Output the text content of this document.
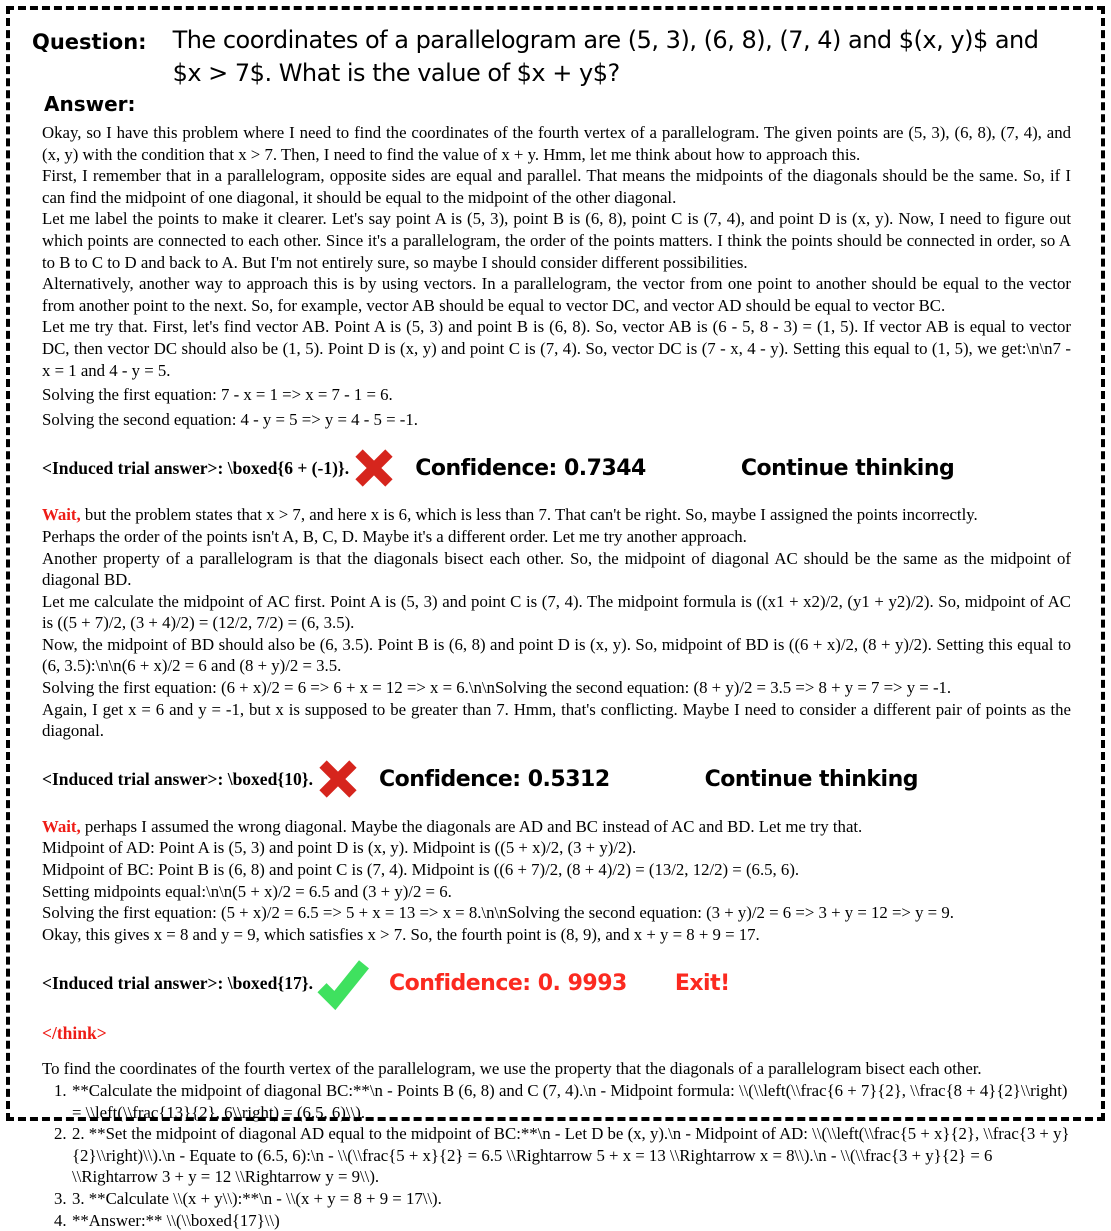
Question: The coordinates of a parallelogram are (5, 3), (6, 8), (7, 4) and $(x, y)$ and $x > 7$. What is the value of $x + y$?
Answer:
Okay, so I have this problem where I need to find the coordinates of the fourth vertex of a parallelogram. The given points are (5, 3), (6, 8), (7, 4), and (x, y) with the condition that x > 7. Then, I need to find the value of x + y. Hmm, let me think about how to approach this.
First, I remember that in a parallelogram, opposite sides are equal and parallel. That means the midpoints of the diagonals should be the same. So, if I can find the midpoint of one diagonal, it should be equal to the midpoint of the other diagonal.
Let me label the points to make it clearer. Let's say point A is (5, 3), point B is (6, 8), point C is (7, 4), and point D is (x, y). Now, I need to figure out which points are connected to each other. Since it's a parallelogram, the order of the points matters. I think the points should be connected in order, so A to B to C to D and back to A. But I'm not entirely sure, so maybe I should consider different possibilities.
Alternatively, another way to approach this is by using vectors. In a parallelogram, the vector from one point to another should be equal to the vector from another point to the next. So, for example, vector AB should be equal to vector DC, and vector AD should be equal to vector BC.
Let me try that. First, let's find vector AB. Point A is (5, 3) and point B is (6, 8). So, vector AB is (6 - 5, 8 - 3) = (1, 5). If vector AB is equal to vector DC, then vector DC should also be (1, 5). Point D is (x, y) and point C is (7, 4). So, vector DC is (7 - x, 4 - y). Setting this equal to (1, 5), we get:\n\n7 - x = 1 and 4 - y = 5.
Solving the first equation: 7 - x = 1 => x = 7 - 1 = 6.
Solving the second equation: 4 - y = 5 => y = 4 - 5 = -1.
<Induced trial answer>: \boxed{6 + (-1)}.	Confidence: 0.7344	Continue thinking
Wait, but the problem states that x > 7, and here x is 6, which is less than 7. That can't be right. So, maybe I assigned the points incorrectly.
Perhaps the order of the points isn't A, B, C, D. Maybe it's a different order. Let me try another approach.
Another property of a parallelogram is that the diagonals bisect each other. So, the midpoint of diagonal AC should be the same as the midpoint of diagonal BD.
Let me calculate the midpoint of AC first. Point A is (5, 3) and point C is (7, 4). The midpoint formula is ((x1 + x2)/2, (y1 + y2)/2). So, midpoint of AC is ((5 + 7)/2, (3 + 4)/2) = (12/2, 7/2) = (6, 3.5).
Now, the midpoint of BD should also be (6, 3.5). Point B is (6, 8) and point D is (x, y). So, midpoint of BD is ((6 + x)/2, (8 + y)/2). Setting this equal to (6, 3.5):\n\n(6 + x)/2 = 6 and (8 + y)/2 = 3.5.
Solving the first equation: (6 + x)/2 = 6 => 6 + x = 12 => x = 6.\n\nSolving the second equation: (8 + y)/2 = 3.5 => 8 + y = 7 => y = -1.
Again, I get x = 6 and y = -1, but x is supposed to be greater than 7. Hmm, that's conflicting. Maybe I need to consider a different pair of points as the diagonal.
<Induced trial answer>: \boxed{10}.	Confidence: 0.5312	Continue thinking
Wait, perhaps I assumed the wrong diagonal. Maybe the diagonals are AD and BC instead of AC and BD. Let me try that.
Midpoint of AD: Point A is (5, 3) and point D is (x, y). Midpoint is ((5 + x)/2, (3 + y)/2).
Midpoint of BC: Point B is (6, 8) and point C is (7, 4). Midpoint is ((6 + 7)/2, (8 + 4)/2) = (13/2, 12/2) = (6.5, 6).
Setting midpoints equal:\n\n(5 + x)/2 = 6.5 and (3 + y)/2 = 6.
Solving the first equation: (5 + x)/2 = 6.5 => 5 + x = 13 => x = 8.\n\nSolving the second equation: (3 + y)/2 = 6 => 3 + y = 12 => y = 9.
Okay, this gives x = 8 and y = 9, which satisfies x > 7. So, the fourth point is (8, 9), and x + y = 8 + 9 = 17.
<Induced trial answer>: \boxed{17}.	Confidence: 0. 9993 Exit!
</think>
To find the coordinates of the fourth vertex of the parallelogram, we use the property that the diagonals of a parallelogram bisect each other.
1. **Calculate the midpoint of diagonal BC:**\n - Points B (6, 8) and C (7, 4).\n - Midpoint formula: \\(\\left(\\frac{6 + 7}{2}, \\frac{8 + 4}{2}\\right) = \\left(\\frac{13}{2}, 6\\right) = (6.5, 6)\\).
2. 2. **Set the midpoint of diagonal AD equal to the midpoint of BC:**\n - Let D be (x, y).\n - Midpoint of AD: \\(\\left(\\frac{5 + x}{2}, \\frac{3 + y}{2}\\right)\\).\n - Equate to (6.5, 6):\n - \\(\\frac{5 + x}{2} = 6.5 \\Rightarrow 5 + x = 13 \\Rightarrow x = 8\\).\n - \\(\\frac{3 + y}{2} = 6 \\Rightarrow 3 + y = 12 \\Rightarrow y = 9\\).
3. 3. **Calculate \\(x + y\\):**\n - \\(x + y = 8 + 9 = 17\\).
4. **Answer:** \\(\\boxed{17}\\)
